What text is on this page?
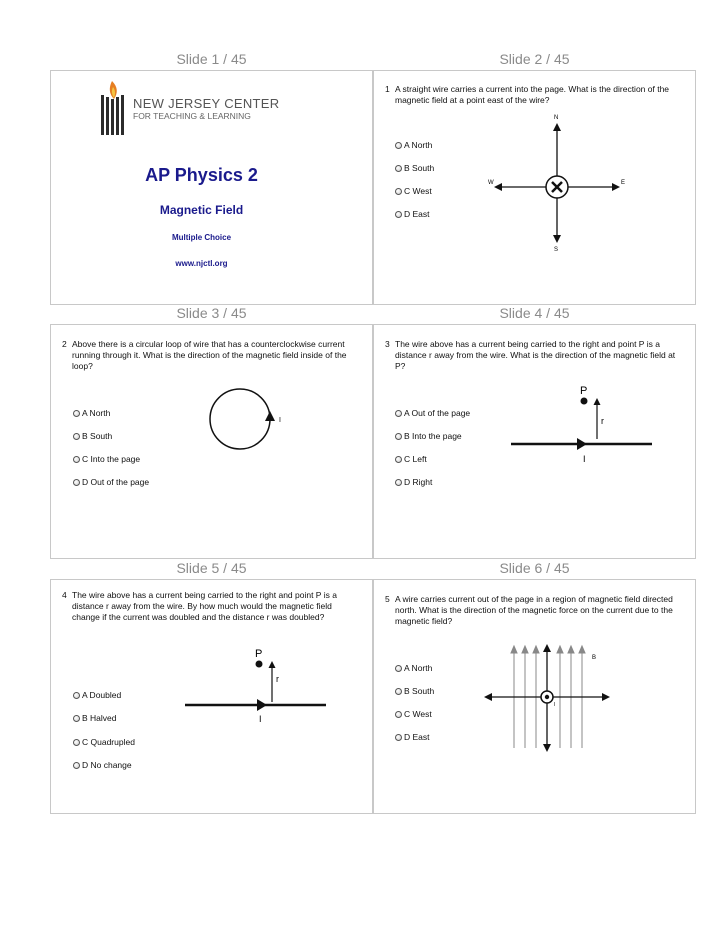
Slide 1 / 45	Slide 2 / 45
Slide 3 / 45	Slide 4 / 45
Slide 5 / 45	Slide 6 / 45
NEW JERSEY CENTER
FOR TEACHING & LEARNING
AP Physics 2
Magnetic Field
Multiple Choice
www.njctl.org
1 A straight wire carries a current into the page. What is the direction of the magnetic field at a point east of the wire?
A North
B South
C West
D East
N
S
W	E
2 Above there is a circular loop of wire that has a counterclockwise current running through it. What is the direction of the magnetic field inside of the loop?
A North
B South
C Into the page
D Out of the page
I
3 The wire above has a current being carried to the right and point P is a distance r away from the wire. What is the direction of the magnetic field at P?
A Out of the page
B Into the page
C Left
D Right
P
r
I
4 The wire above has a current being carried to the right and point P is a distance r away from the wire. By how much would the magnetic field change if the current was doubled and the distance r was doubled?
A Doubled
B Halved
C Quadrupled
D No change
P
r
I
5 A wire carries current out of the page in a region of magnetic field directed north. What is the direction of the magnetic force on the current due to the magnetic field?
A North
B South
C West
D East
B
I
